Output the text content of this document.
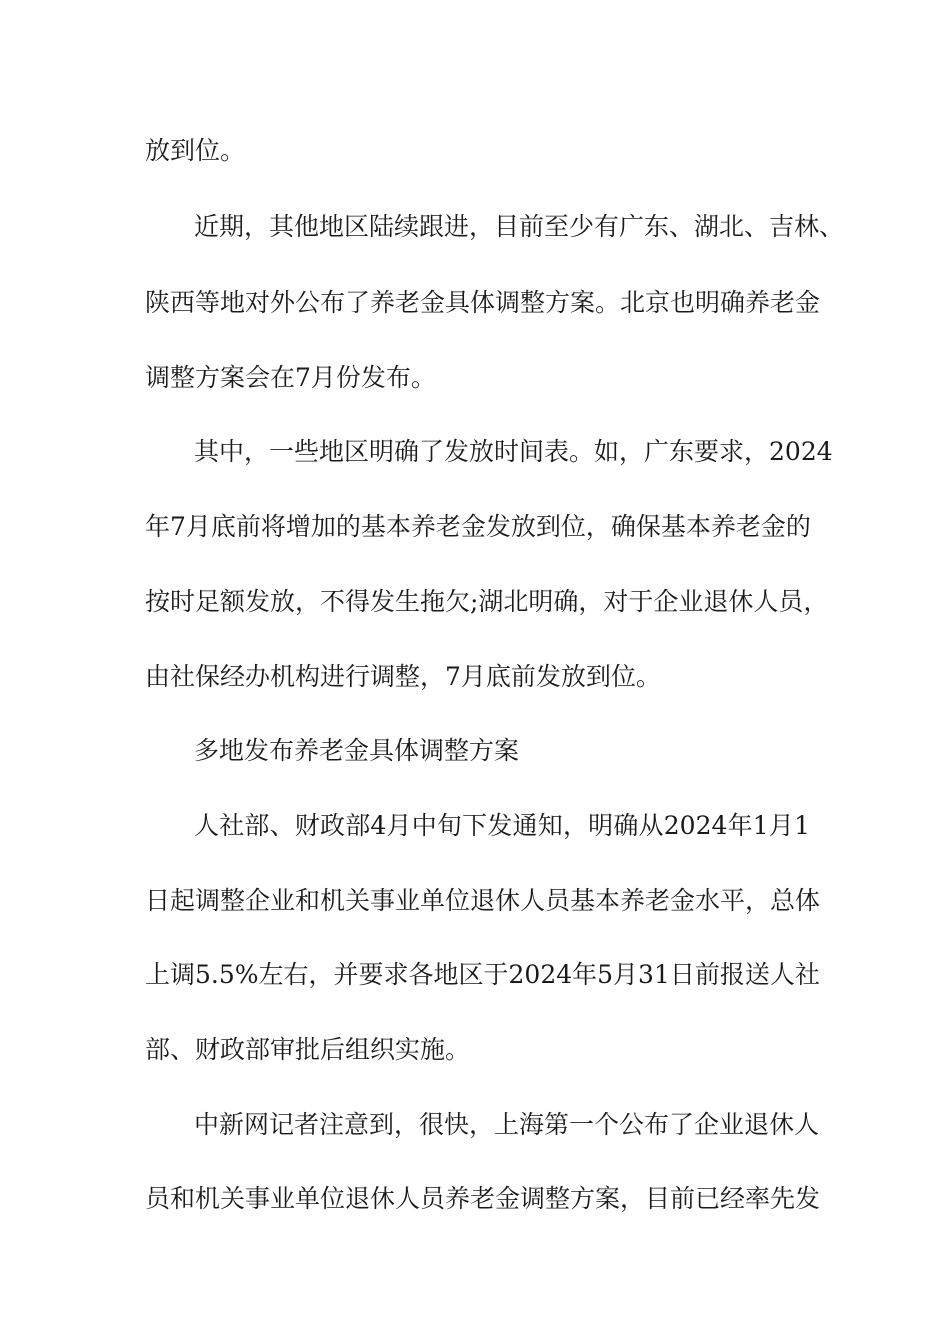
放到位。
近期，其他地区陆续跟进，目前至少有广东、湖北、吉林、
陕西等地对外公布了养老金具体调整方案。北京也明确养老金
调整方案会在7月份发布。
其中，一些地区明确了发放时间表。如，广东要求，2024
年7月底前将增加的基本养老金发放到位，确保基本养老金的
按时足额发放，不得发生拖欠;湖北明确，对于企业退休人员，
由社保经办机构进行调整，7月底前发放到位。
多地发布养老金具体调整方案
人社部、财政部4月中旬下发通知，明确从2024年1月1
日起调整企业和机关事业单位退休人员基本养老金水平，总体
上调5.5%左右，并要求各地区于2024年5月31日前报送人社
部、财政部审批后组织实施。
中新网记者注意到，很快，上海第一个公布了企业退休人
员和机关事业单位退休人员养老金调整方案，目前已经率先发
